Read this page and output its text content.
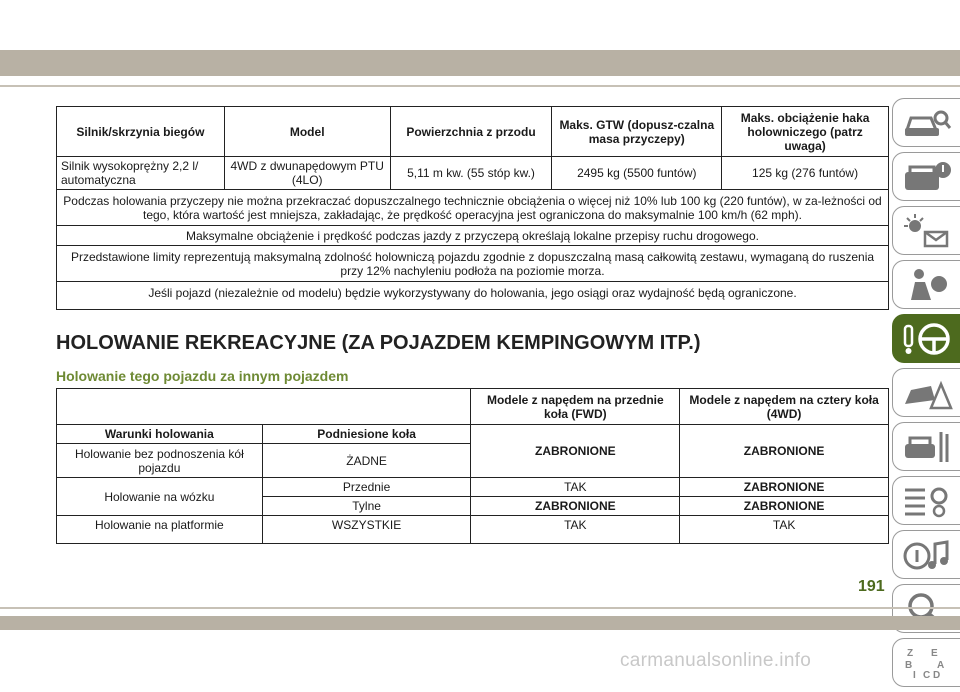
Silnik/skrzynia biegów	Model	Powierzchnia z przodu	Maks. GTW (dopusz-czalna masa przyczepy)	Maks. obciążenie haka holowniczego (patrz uwaga)
Silnik wysokoprężny 2,2 l/ automatyczna	4WD z dwunapędowym PTU (4LO)	5,11 m kw. (55 stóp kw.)	2495 kg (5500 funtów)	125 kg (276 funtów)
Podczas holowania przyczepy nie można przekraczać dopuszczalnego technicznie obciążenia o więcej niż 10% lub 100 kg (220 funtów), w za-leżności od tego, która wartość jest mniejsza, zakładając, że prędkość operacyjna jest ograniczona do maksymalnie 100 km/h (62 mph).				
Maksymalne obciążenie i prędkość podczas jazdy z przyczepą określają lokalne przepisy ruchu drogowego.				
Przedstawione limity reprezentują maksymalną zdolność holowniczą pojazdu zgodnie z dopuszczalną masą całkowitą zestawu, wymaganą do ruszenia przy 12% nachyleniu podłoża na poziomie morza.				
Jeśli pojazd (niezależnie od modelu) będzie wykorzystywany do holowania, jego osiągi oraz wydajność będą ograniczone.				
HOLOWANIE REKREACYJNE (ZA POJAZDEM KEMPINGOWYM ITP.)
Holowanie tego pojazdu za innym pojazdem
		Modele z napędem na przednie koła (FWD)	Modele z napędem na cztery koła (4WD)
Warunki holowania	Podniesione koła	ZABRONIONE	ZABRONIONE
Holowanie bez podnoszenia kół pojazdu	ŻADNE		
Holowanie na wózku	Przednie	TAK	ZABRONIONE
	Tylne	ZABRONIONE	ZABRONIONE
Holowanie na platformie	WSZYSTKIE	TAK	TAK
Z E
B A
I C D
191
carmanualsonline.info
